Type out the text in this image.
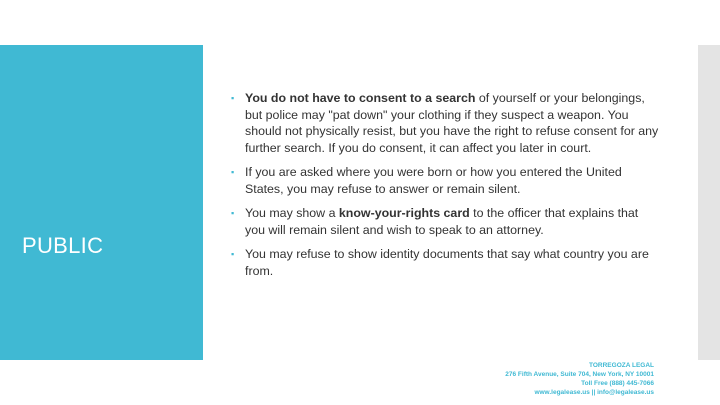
PUBLIC
▪ You do not have to consent to a search of yourself or your belongings, but police may "pat down" your clothing if they suspect a weapon. You should not physically resist, but you have the right to refuse consent for any further search. If you do consent, it can affect you later in court.
▪ If you are asked where you were born or how you entered the United States, you may refuse to answer or remain silent.
▪ You may show a know-your-rights card to the officer that explains that you will remain silent and wish to speak to an attorney.
▪ You may refuse to show identity documents that say what country you are from.
TORREGOZA LEGAL
276 Fifth Avenue, Suite 704, New York, NY 10001
Toll Free (888) 445-7066
www.legalease.us || info@legalease.us
